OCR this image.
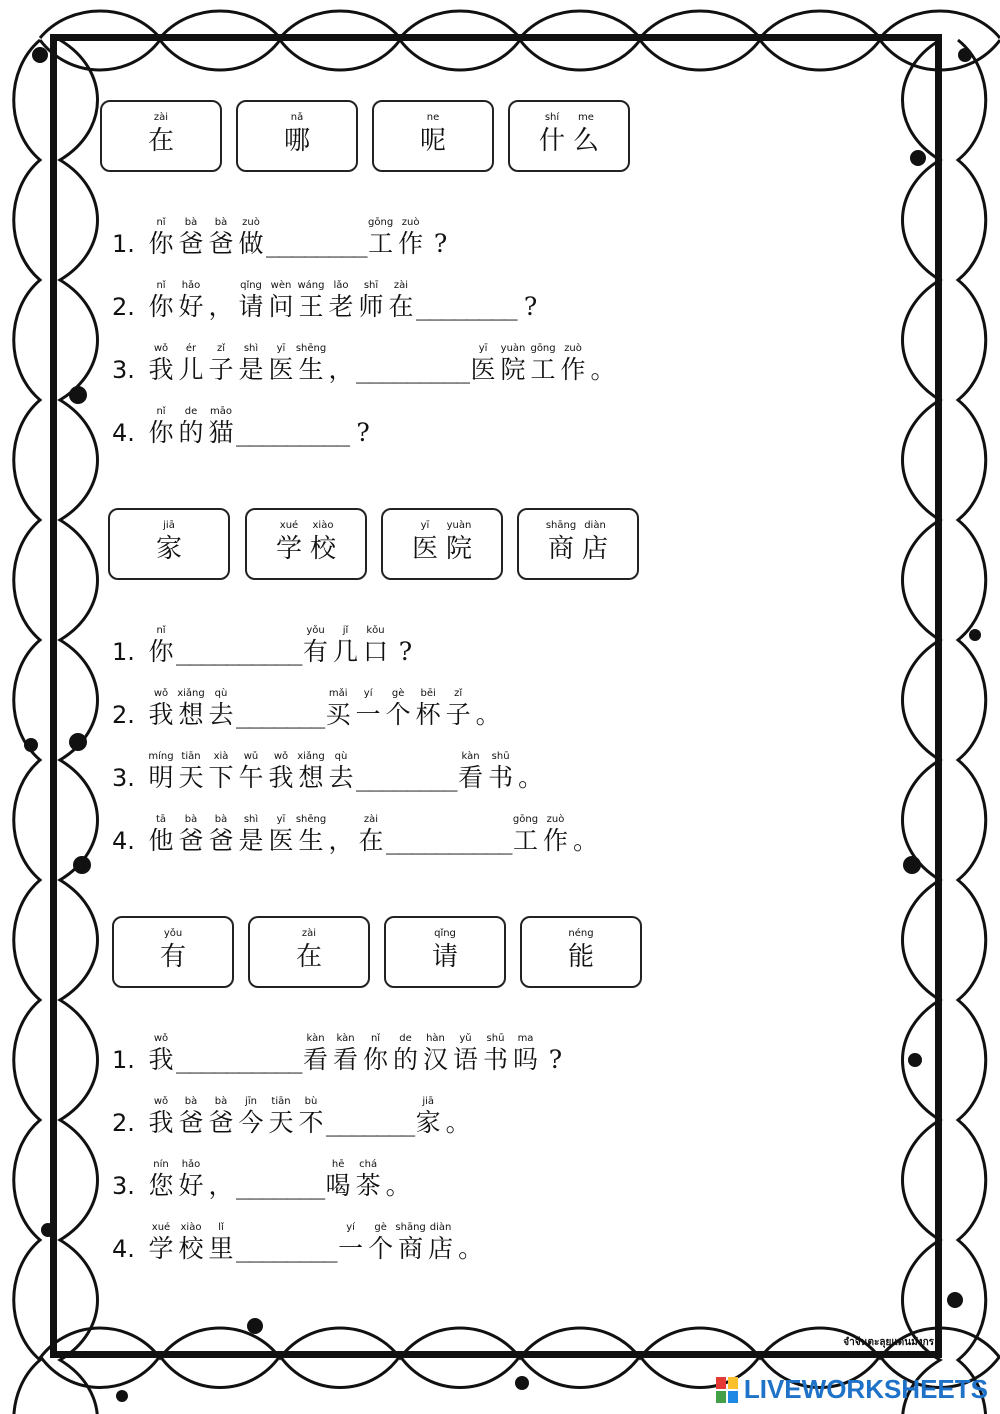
zài
在
nǎ
哪
ne
呢
shí
什
me
么
1.
nǐ
你
bà
爸
bà
爸
zuò
做 ________
gōng
工
zuò
作 ?
2.
nǐ
你
hǎo
好 ，
qǐng
请
wèn
问
wáng
王
lǎo
老
shī
师
zài
在 ________ ?
3.
wǒ
我
ér
儿
zǐ
子
shì
是
yī
医
shēng
生 ， _________
yī
医
yuàn
院
gōng
工
zuò
作 。
4.
nǐ
你
de
的
māo
猫 _________ ?
jiā
家
xué
学
xiào
校
yī
医
yuàn
院
shāng
商
diàn
店
1.
nǐ
你 __________
yǒu
有
jǐ
几
kǒu
口 ?
2.
wǒ
我
xiǎng
想
qù
去 _______
mǎi
买
yí
一
gè
个
bēi
杯
zǐ
子 。
3.
míng
明
tiān
天
xià
下
wǔ
午
wǒ
我
xiǎng
想
qù
去 ________
kàn
看
shū
书 。
4.
tā
他
bà
爸
bà
爸
shì
是
yī
医
shēng
生 ，
zài
在 __________
gōng
工
zuò
作 。
yǒu
有
zài
在
qǐng
请
néng
能
1.
wǒ
我 __________
kàn
看
kàn
看
nǐ
你
de
的
hàn
汉
yǔ
语
shū
书
ma
吗 ?
2.
wǒ
我
bà
爸
bà
爸
jīn
今
tiān
天
bù
不 _______
jiā
家 。
3.
nín
您
hǎo
好 ， _______
hē
喝
chá
茶 。
4.
xué
学
xiào
校
lǐ
里 ________
yí
一
gè
个
shāng
商
diàn
店 。
จำจีนตะลุยแดนมังกร
LIVEWORKSHEETS
